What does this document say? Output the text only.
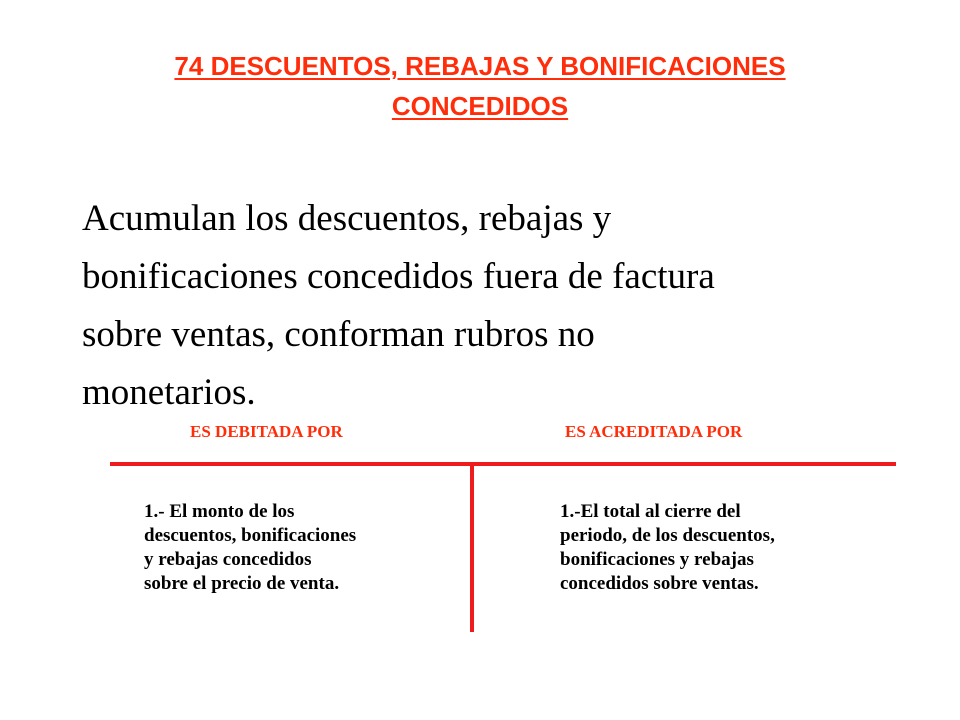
74 DESCUENTOS, REBAJAS Y BONIFICACIONES
CONCEDIDOS

Acumulan los descuentos, rebajas y
bonificaciones concedidos fuera de factura
sobre ventas, conforman rubros no
monetarios.

ES DEBITADA POR	ES ACREDITADA POR
1.- El monto de los
descuentos, bonificaciones
y rebajas concedidos
sobre el precio de venta.
1.-El total al cierre del
periodo, de los descuentos,
bonificaciones y rebajas
concedidos sobre ventas.
